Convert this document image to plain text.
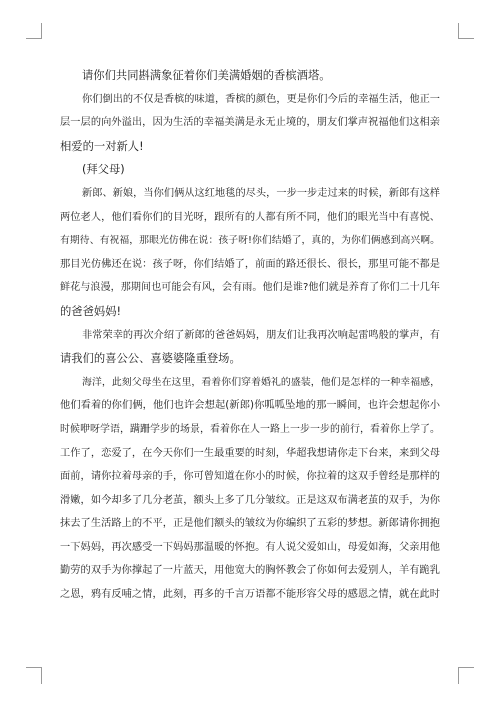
请你们共同斟满象征着你们美满婚姻的香槟酒塔。

你们倒出的不仅是香槟的味道，香槟的颜色，更是你们今后的幸福生活，他正一
层一层的向外溢出，因为生活的幸福美满是永无止境的，朋友们掌声祝福他们这相亲
相爱的一对新人!

(拜父母)

新郎、新娘，当你们俩从这红地毯的尽头，一步一步走过来的时候，新郎有这样
两位老人，他们看你们的目光呀，跟所有的人都有所不同，他们的眼光当中有喜悦、
有期待、有祝福，那眼光仿佛在说：孩子呀!你们结婚了，真的，为你们俩感到高兴啊。
那目光仿佛还在说：孩子呀，你们结婚了，前面的路还很长、很长，那里可能不都是
鲜花与浪漫，那期间也可能会有风，会有雨。他们是谁?他们就是养育了你们二十几年
的爸爸妈妈!

非常荣幸的再次介绍了新郎的爸爸妈妈，朋友们让我再次响起雷鸣般的掌声，有
请我们的喜公公、喜婆婆隆重登场。

海洋，此刻父母坐在这里，看着你们穿着婚礼的盛装，他们是怎样的一种幸福感，
他们看着的你们俩，他们也许会想起(新郎)你呱呱坠地的那一瞬间，也许会想起你小
时候咿呀学语，蹒跚学步的场景，看着你在人一路上一步一步的前行，看着你上学了。
工作了，恋爱了，在今天你们一生最重要的时刻，华超我想请你走下台来，来到父母
面前，请你拉着母亲的手，你可曾知道在你小的时候，你拉着的这双手曾经是那样的
滑嫩，如今却多了几分老茧，额头上多了几分皱纹。正是这双布满老茧的双手，为你
抹去了生活路上的不平，正是他们额头的皱纹为你编织了五彩的梦想。新郎请你拥抱
一下妈妈，再次感受一下妈妈那温暖的怀抱。有人说父爱如山，母爱如海，父亲用他
勤劳的双手为你撑起了一片蓝天，用他宽大的胸怀教会了你如何去爱别人，羊有跪乳
之恩，鸦有反哺之情，此刻，再多的千言万语都不能形容父母的感恩之情，就在此时
